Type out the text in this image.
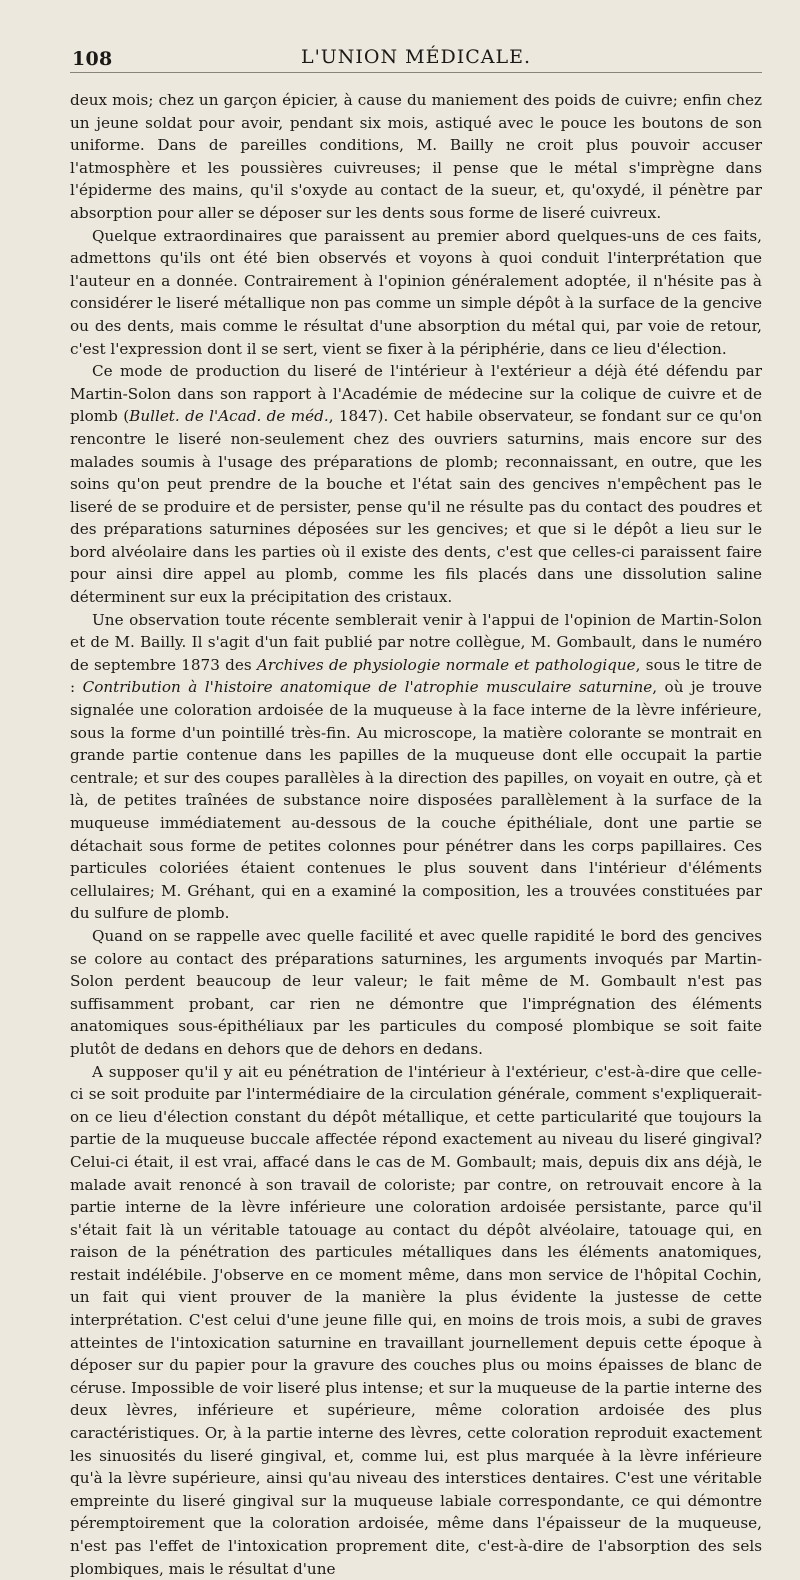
108	L'UNION MÉDICALE.

deux mois; chez un garçon épicier, à cause du maniement des poids de cuivre; enfin chez un jeune soldat pour avoir, pendant six mois, astiqué avec le pouce les boutons de son uniforme. Dans de pareilles conditions, M. Bailly ne croit plus pouvoir accuser l'atmosphère et les poussières cuivreuses; il pense que le métal s'imprègne dans l'épiderme des mains, qu'il s'oxyde au contact de la sueur, et, qu'oxydé, il pénètre par absorption pour aller se déposer sur les dents sous forme de liseré cuivreux.

Quelque extraordinaires que paraissent au premier abord quelques-uns de ces faits, admettons qu'ils ont été bien observés et voyons à quoi conduit l'interprétation que l'auteur en a donnée. Contrairement à l'opinion généralement adoptée, il n'hésite pas à considérer le liseré métallique non pas comme un simple dépôt à la surface de la gencive ou des dents, mais comme le résultat d'une absorption du métal qui, par voie de retour, c'est l'expression dont il se sert, vient se fixer à la périphérie, dans ce lieu d'élection.

Ce mode de production du liseré de l'intérieur à l'extérieur a déjà été défendu par Martin-Solon dans son rapport à l'Académie de médecine sur la colique de cuivre et de plomb (Bullet. de l'Acad. de méd., 1847). Cet habile observateur, se fondant sur ce qu'on rencontre le liseré non-seulement chez des ouvriers saturnins, mais encore sur des malades soumis à l'usage des préparations de plomb; reconnaissant, en outre, que les soins qu'on peut prendre de la bouche et l'état sain des gencives n'empêchent pas le liseré de se produire et de persister, pense qu'il ne résulte pas du contact des poudres et des préparations saturnines déposées sur les gencives; et que si le dépôt a lieu sur le bord alvéolaire dans les parties où il existe des dents, c'est que celles-ci paraissent faire pour ainsi dire appel au plomb, comme les fils placés dans une dissolution saline déterminent sur eux la précipitation des cristaux.

Une observation toute récente semblerait venir à l'appui de l'opinion de Martin-Solon et de M. Bailly. Il s'agit d'un fait publié par notre collègue, M. Gombault, dans le numéro de septembre 1873 des Archives de physiologie normale et pathologique, sous le titre de : Contribution à l'histoire anatomique de l'atrophie musculaire saturnine, où je trouve signalée une coloration ardoisée de la muqueuse à la face interne de la lèvre inférieure, sous la forme d'un pointillé très-fin. Au microscope, la matière colorante se montrait en grande partie contenue dans les papilles de la muqueuse dont elle occupait la partie centrale; et sur des coupes parallèles à la direction des papilles, on voyait en outre, çà et là, de petites traînées de substance noire disposées parallèlement à la surface de la muqueuse immédiatement au-dessous de la couche épithéliale, dont une partie se détachait sous forme de petites colonnes pour pénétrer dans les corps papillaires. Ces particules coloriées étaient contenues le plus souvent dans l'intérieur d'éléments cellulaires; M. Gréhant, qui en a examiné la composition, les a trouvées constituées par du sulfure de plomb.

Quand on se rappelle avec quelle facilité et avec quelle rapidité le bord des gencives se colore au contact des préparations saturnines, les arguments invoqués par Martin-Solon perdent beaucoup de leur valeur; le fait même de M. Gombault n'est pas suffisamment probant, car rien ne démontre que l'imprégnation des éléments anatomiques sous-épithéliaux par les particules du composé plombique se soit faite plutôt de dedans en dehors que de dehors en dedans.

A supposer qu'il y ait eu pénétration de l'intérieur à l'extérieur, c'est-à-dire que celle-ci se soit produite par l'intermédiaire de la circulation générale, comment s'expliquerait-on ce lieu d'élection constant du dépôt métallique, et cette particularité que toujours la partie de la muqueuse buccale affectée répond exactement au niveau du liseré gingival? Celui-ci était, il est vrai, affacé dans le cas de M. Gombault; mais, depuis dix ans déjà, le malade avait renoncé à son travail de coloriste; par contre, on retrouvait encore à la partie interne de la lèvre inférieure une coloration ardoisée persistante, parce qu'il s'était fait là un véritable tatouage au contact du dépôt alvéolaire, tatouage qui, en raison de la pénétration des particules métalliques dans les éléments anatomiques, restait indélébile. J'observe en ce moment même, dans mon service de l'hôpital Cochin, un fait qui vient prouver de la manière la plus évidente la justesse de cette interprétation. C'est celui d'une jeune fille qui, en moins de trois mois, a subi de graves atteintes de l'intoxication saturnine en travaillant journellement depuis cette époque à déposer sur du papier pour la gravure des couches plus ou moins épaisses de blanc de céruse. Impossible de voir liseré plus intense; et sur la muqueuse de la partie interne des deux lèvres, inférieure et supérieure, même coloration ardoisée des plus caractéristiques. Or, à la partie interne des lèvres, cette coloration reproduit exactement les sinuosités du liseré gingival, et, comme lui, est plus marquée à la lèvre inférieure qu'à la lèvre supérieure, ainsi qu'au niveau des interstices dentaires. C'est une véritable empreinte du liseré gingival sur la muqueuse labiale correspondante, ce qui démontre péremptoirement que la coloration ardoisée, même dans l'épaisseur de la muqueuse, n'est pas l'effet de l'intoxication proprement dite, c'est-à-dire de l'absorption des sels plombiques, mais le résultat d'une
